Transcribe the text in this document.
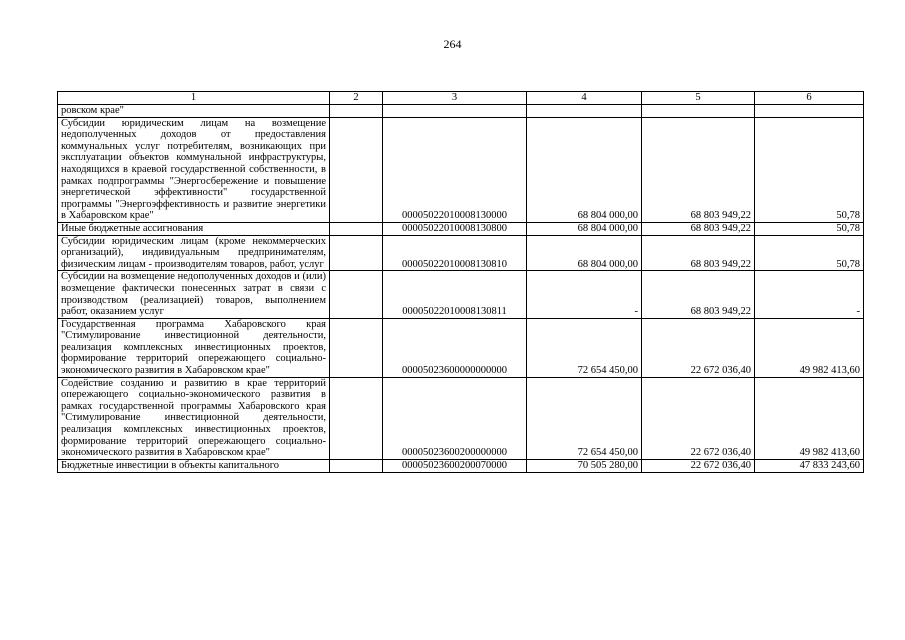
264
1	2	3	4	5	6
ровском крае"					
Субсидии юридическим лицам на возмещение недополученных доходов от предоставления коммунальных услуг потребителям, возникающих при эксплуатации объектов коммунальной инфраструктуры, находящихся в краевой государственной собственности, в рамках подпрограммы "Энергосбережение и повышение энергетической эффективности" государственной программы "Энергоэффективность и развитие энергетики в Хабаровском крае"		00005022010008130000	68 804 000,00	68 803 949,22	50,78
Иные бюджетные ассигнования		00005022010008130800	68 804 000,00	68 803 949,22	50,78
Субсидии юридическим лицам (кроме некоммерческих организаций), индивидуальным предпринимателям, физическим лицам - производителям товаров, работ, услуг		00005022010008130810	68 804 000,00	68 803 949,22	50,78
Субсидии на возмещение недополученных доходов и (или) возмещение фактически понесенных затрат в связи с производством (реализацией) товаров, выполнением работ, оказанием услуг		00005022010008130811	-	68 803 949,22	-
Государственная программа Хабаровского края "Стимулирование инвестиционной деятельности, реализация комплексных инвестиционных проектов, формирование территорий опережающего социально-экономического развития в Хабаровском крае"		00005023600000000000	72 654 450,00	22 672 036,40	49 982 413,60
Содействие созданию и развитию в крае территорий опережающего социально-экономического развития в рамках государственной программы Хабаровского края "Стимулирование инвестиционной деятельности, реализация комплексных инвестиционных проектов, формирование территорий опережающего социально-экономического развития в Хабаровском крае"		00005023600200000000	72 654 450,00	22 672 036,40	49 982 413,60

Бюджетные инвестиции в объекты капитального		00005023600200070000	70 505 280,00	22 672 036,40	47 833 243,60
